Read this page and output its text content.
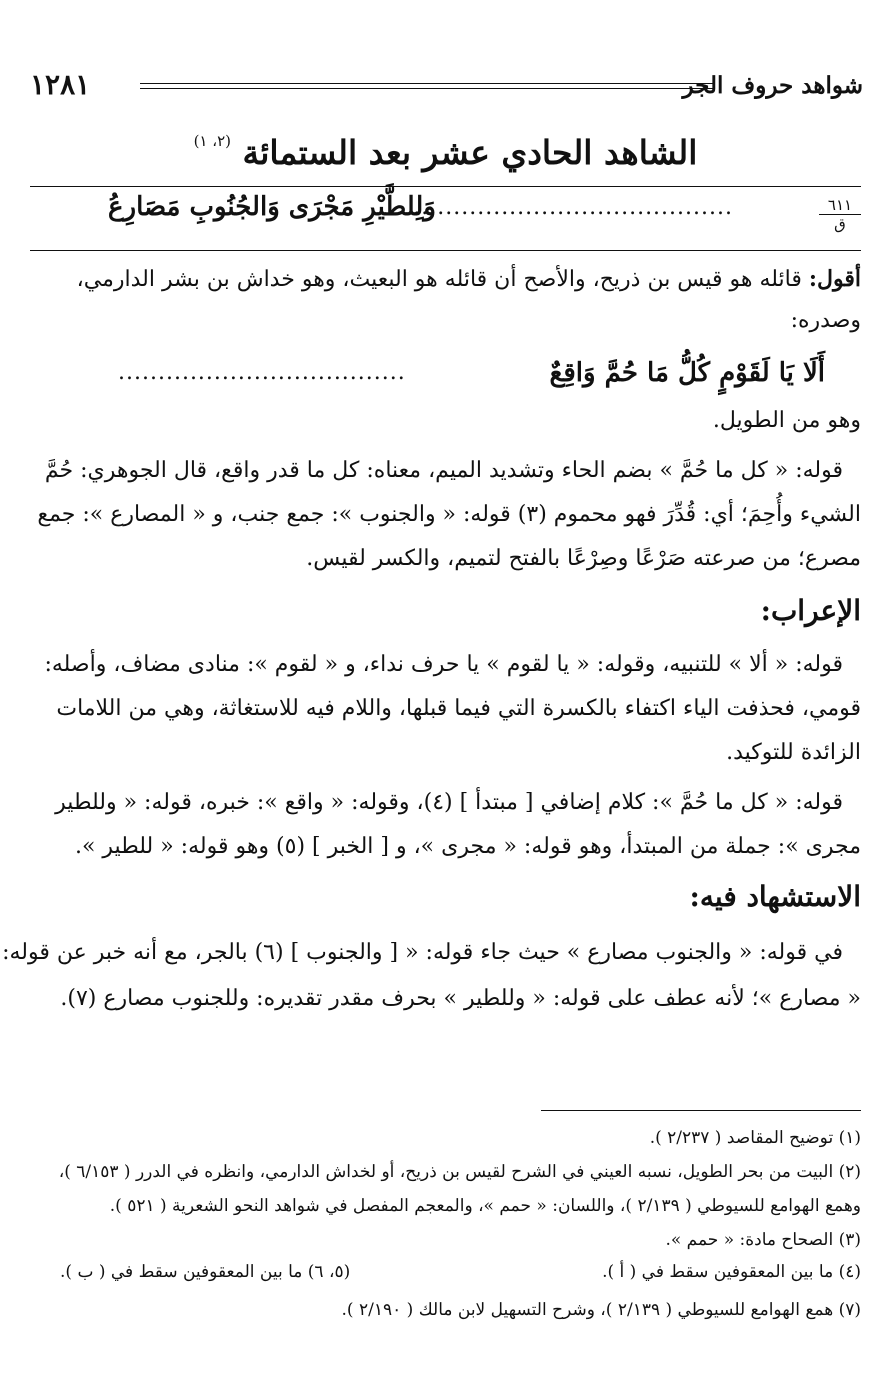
شواهد حروف الجر
١٢٨١
الشاهد الحادي عشر بعد الستمائة $^{(٢، ١)}$
٦١١
ق
........................................
وَلِلطَّيْرِ مَجْرَى وَالجُنُوبِ مَصَارِعُ
أقول: قائله هو قيس بن ذريح، والأصح أن قائله هو البعيث، وهو خداش بن بشر الدارمي،
وصدره:
أَلَا يَا لَقَوْمٍ كُلُّ مَا حُمَّ وَاقِعٌ
....................................
وهو من الطويل.
قوله: « كل ما حُمَّ » بضم الحاء وتشديد الميم، معناه: كل ما قدر واقع، قال الجوهري: حُمَّ
الشيء وأُحِمَ؛ أي: قُدِّرَ فهو محموم (٣) قوله: « والجنوب »: جمع جنب، و « المصارع »: جمع
مصرع؛ من صرعته صَرْعًا وصِرْعًا بالفتح لتميم، والكسر لقيس.
الإعراب:
قوله: « ألا » للتنبيه، وقوله: « يا لقوم » يا حرف نداء، و « لقوم »: منادى مضاف، وأصله:
قومي، فحذفت الياء اكتفاء بالكسرة التي فيما قبلها، واللام فيه للاستغاثة، وهي من اللامات
الزائدة للتوكيد.
قوله: « كل ما حُمَّ »: كلام إضافي [ مبتدأ ] (٤)، وقوله: « واقع »: خبره، قوله: « وللطير
مجرى »: جملة من المبتدأ، وهو قوله: « مجرى »، و [ الخبر ] (٥) وهو قوله: « للطير ».
الاستشهاد فيه:
في قوله: « والجنوب مصارع » حيث جاء قوله: « [ والجنوب ] (٦) بالجر، مع أنه خبر عن قوله:
« مصارع »؛ لأنه عطف على قوله: « وللطير » بحرف مقدر تقديره: وللجنوب مصارع (٧).
(١) توضيح المقاصد ( ٢/٢٣٧ ).
(٢) البيت من بحر الطويل، نسبه العيني في الشرح لقيس بن ذريح، أو لخداش الدارمي، وانظره في الدرر ( ٦/١٥٣ )،
وهمع الهوامع للسيوطي ( ٢/١٣٩ )، واللسان: « حمم »، والمعجم المفصل في شواهد النحو الشعرية ( ٥٢١ ).
(٣) الصحاح مادة: « حمم ».
(٤) ما بين المعقوفين سقط في ( أ ).
(٥، ٦) ما بين المعقوفين سقط في ( ب ).
(٧) همع الهوامع للسيوطي ( ٢/١٣٩ )، وشرح التسهيل لابن مالك ( ٢/١٩٠ ).
